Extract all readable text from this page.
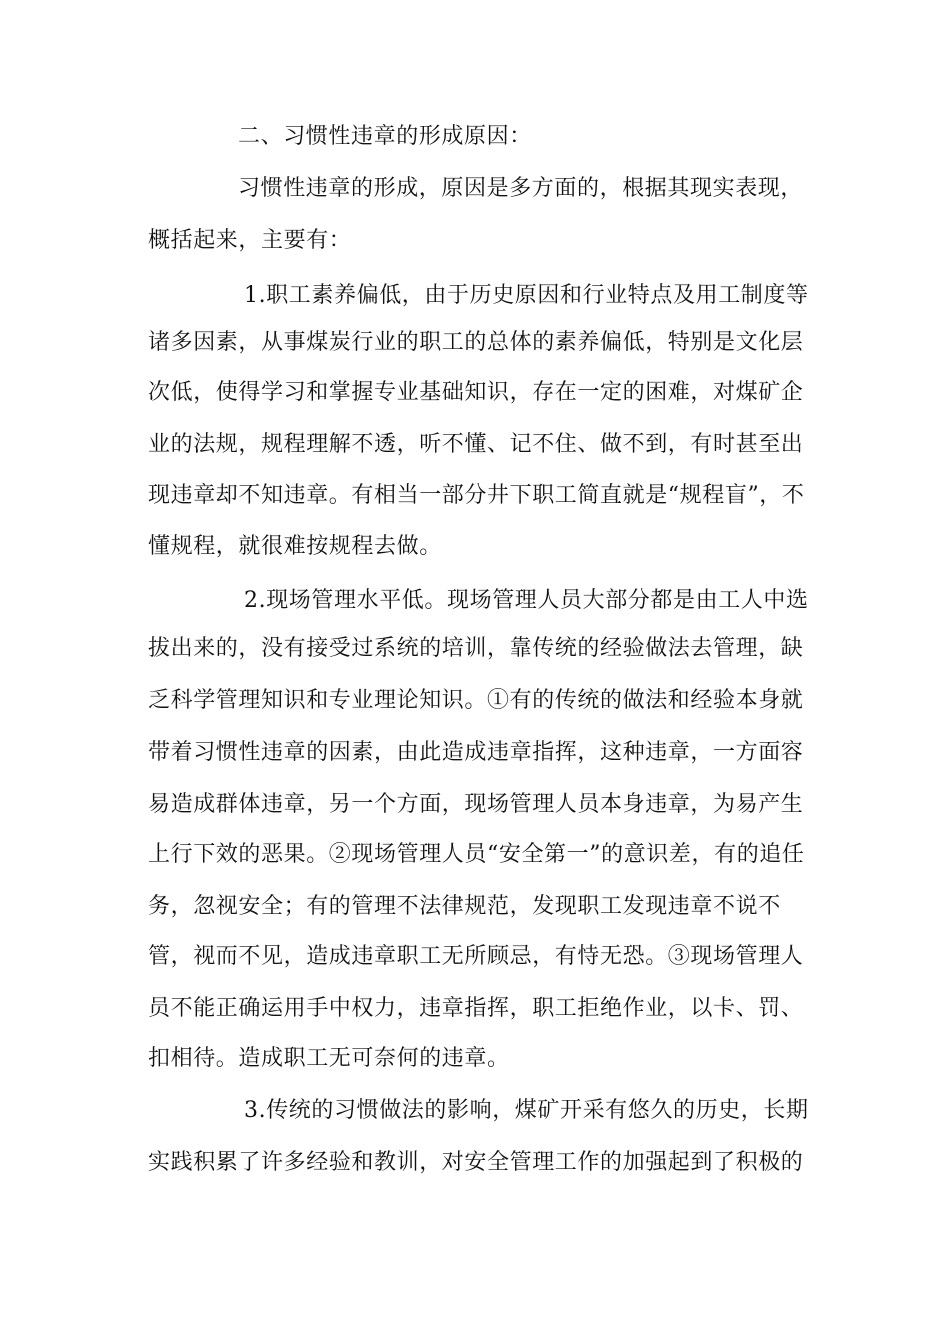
二、习惯性违章的形成原因：
习惯性违章的形成，原因是多方面的，根据其现实表现，
概括起来，主要有：
1.职工素养偏低，由于历史原因和行业特点及用工制度等
诸多因素，从事煤炭行业的职工的总体的素养偏低，特别是文化层
次低，使得学习和掌握专业基础知识，存在一定的困难，对煤矿企
业的法规，规程理解不透，听不懂、记不住、做不到，有时甚至出
现违章却不知违章。有相当一部分井下职工简直就是“规程盲”，不
懂规程，就很难按规程去做。
2.现场管理水平低。现场管理人员大部分都是由工人中选
拔出来的，没有接受过系统的培训，靠传统的经验做法去管理，缺
乏科学管理知识和专业理论知识。①有的传统的做法和经验本身就
带着习惯性违章的因素，由此造成违章指挥，这种违章，一方面容
易造成群体违章，另一个方面，现场管理人员本身违章，为易产生
上行下效的恶果。②现场管理人员“安全第一”的意识差，有的追任
务，忽视安全；有的管理不法律规范，发现职工发现违章不说不
管，视而不见，造成违章职工无所顾忌，有恃无恐。③现场管理人
员不能正确运用手中权力，违章指挥，职工拒绝作业，以卡、罚、
扣相待。造成职工无可奈何的违章。
3.传统的习惯做法的影响，煤矿开采有悠久的历史，长期
实践积累了许多经验和教训，对安全管理工作的加强起到了积极的
